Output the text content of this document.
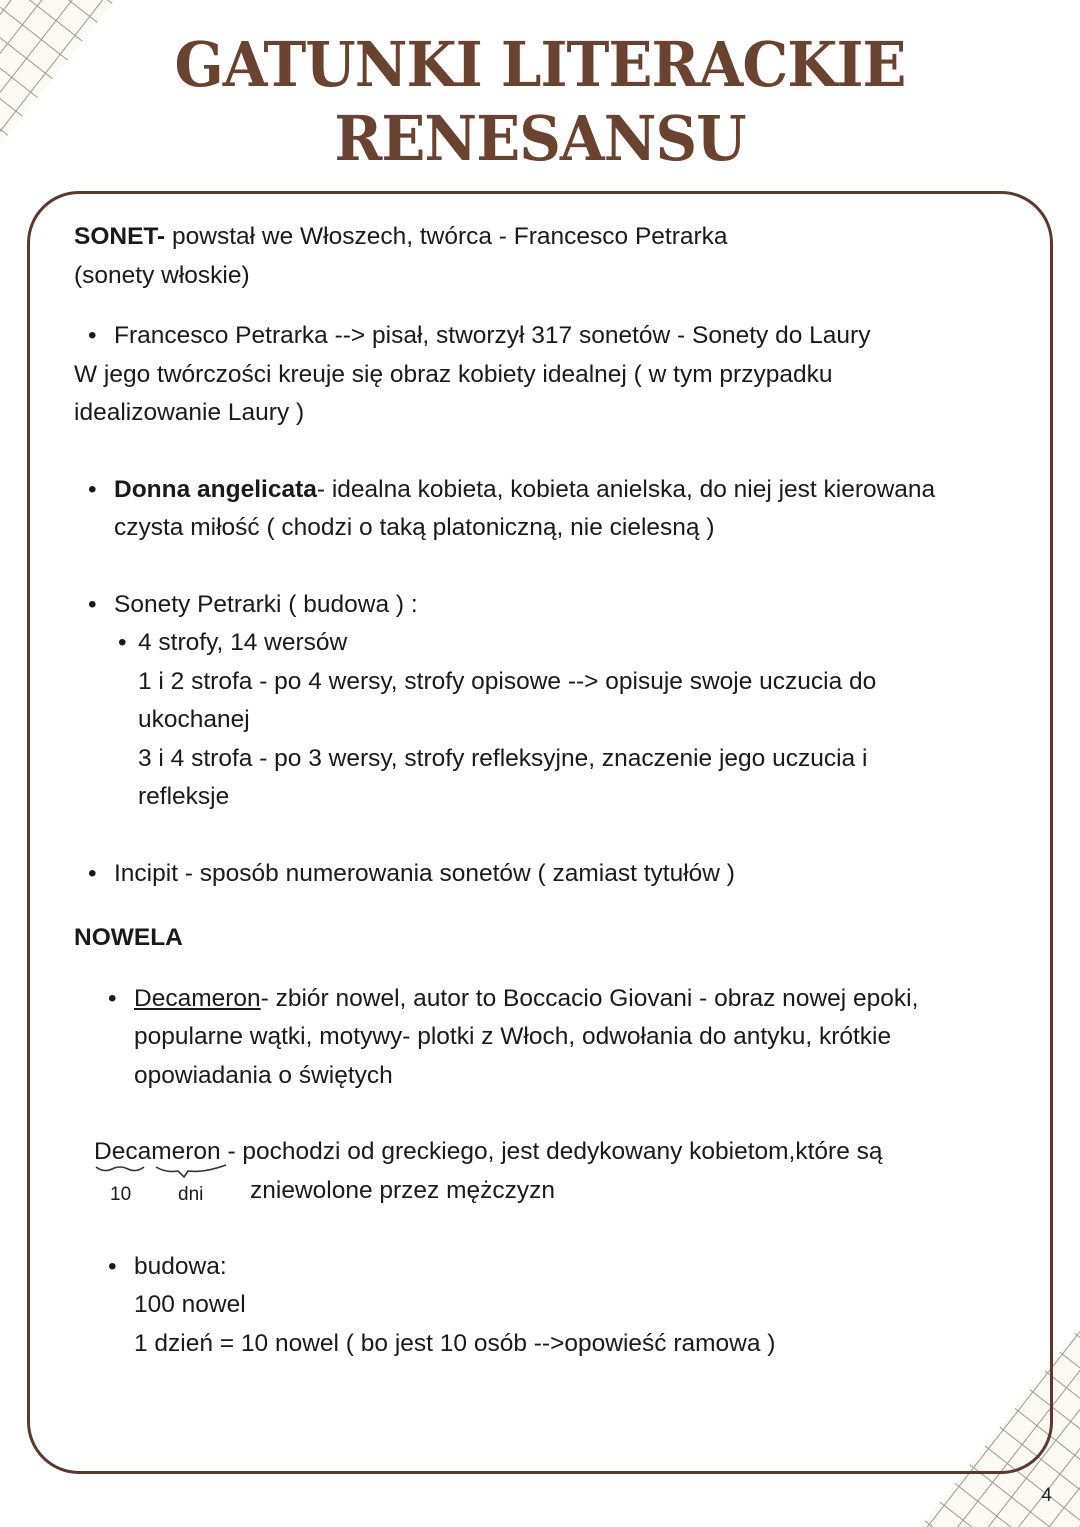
GATUNKI LITERACKIE
RENESANSU

SONET- powstał we Włoszech, twórca - Francesco Petrarka

(sonety włoskie)

• Francesco Petrarka --> pisał, stworzył 317 sonetów - Sonety do Laury

W jego twórczości kreuje się obraz kobiety idealnej ( w tym przypadku

idealizowanie Laury )

• Donna angelicata- idealna kobieta, kobieta anielska, do niej jest kierowana

czysta miłość ( chodzi o taką platoniczną, nie cielesną )

• Sonety Petrarki ( budowa ) :

• 4 strofy, 14 wersów

1 i 2 strofa - po 4 wersy, strofy opisowe --> opisuje swoje uczucia do

ukochanej

3 i 4 strofa - po 3 wersy, strofy refleksyjne, znaczenie jego uczucia i

refleksje

• Incipit - sposób numerowania sonetów ( zamiast tytułów )

NOWELA

• Decameron- zbiór nowel, autor to Boccacio Giovani - obraz nowej epoki,

popularne wątki, motywy- plotki z Włoch, odwołania do antyku, krótkie

opowiadania o świętych

Decameron
- pochodzi od greckiego, jest dedykowany kobietom,które są

10 dni zniewolone przez mężczyzn

• budowa:

100 nowel

1 dzień = 10 nowel ( bo jest 10 osób -->opowieść ramowa )

4
